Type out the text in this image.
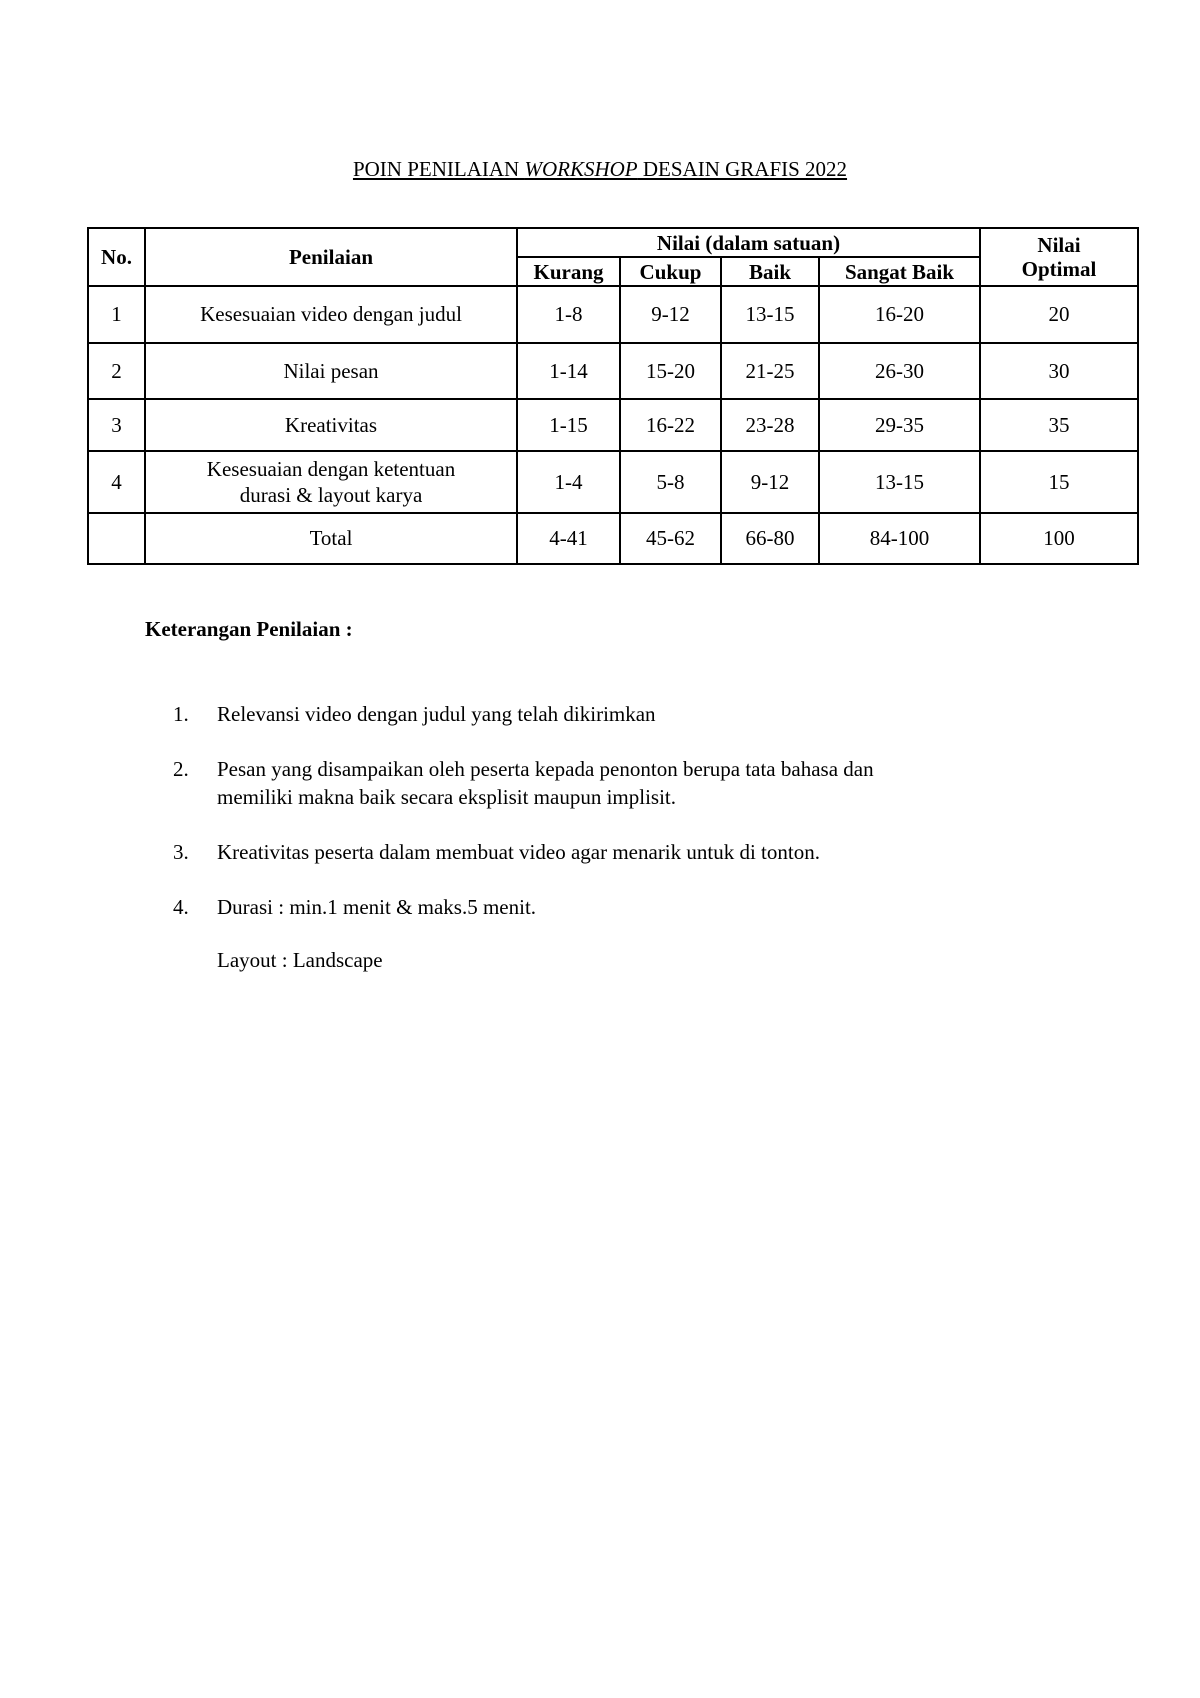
POIN PENILAIAN WORKSHOP DESAIN GRAFIS 2022
No.	Penilaian	Nilai (dalam satuan)				Nilai
Optimal
		Kurang	Cukup	Baik	Sangat Baik	
1	Kesesuaian video dengan judul	1-8	9-12	13-15	16-20	20
2	Nilai pesan	1-14	15-20	21-25	26-30	30
3	Kreativitas	1-15	16-22	23-28	29-35	35
4	Kesesuaian dengan ketentuan
durasi & layout karya	1-4	5-8	9-12	13-15	15
	Total	4-41	45-62	66-80	84-100	100
Keterangan Penilaian :
1. Relevansi video dengan judul yang telah dikirimkan
2. Pesan yang disampaikan oleh peserta kepada penonton berupa tata bahasa dan
memiliki makna baik secara eksplisit maupun implisit.
3. Kreativitas peserta dalam membuat video agar menarik untuk di tonton.
4. Durasi : min.1 menit & maks.5 menit.
Layout : Landscape
